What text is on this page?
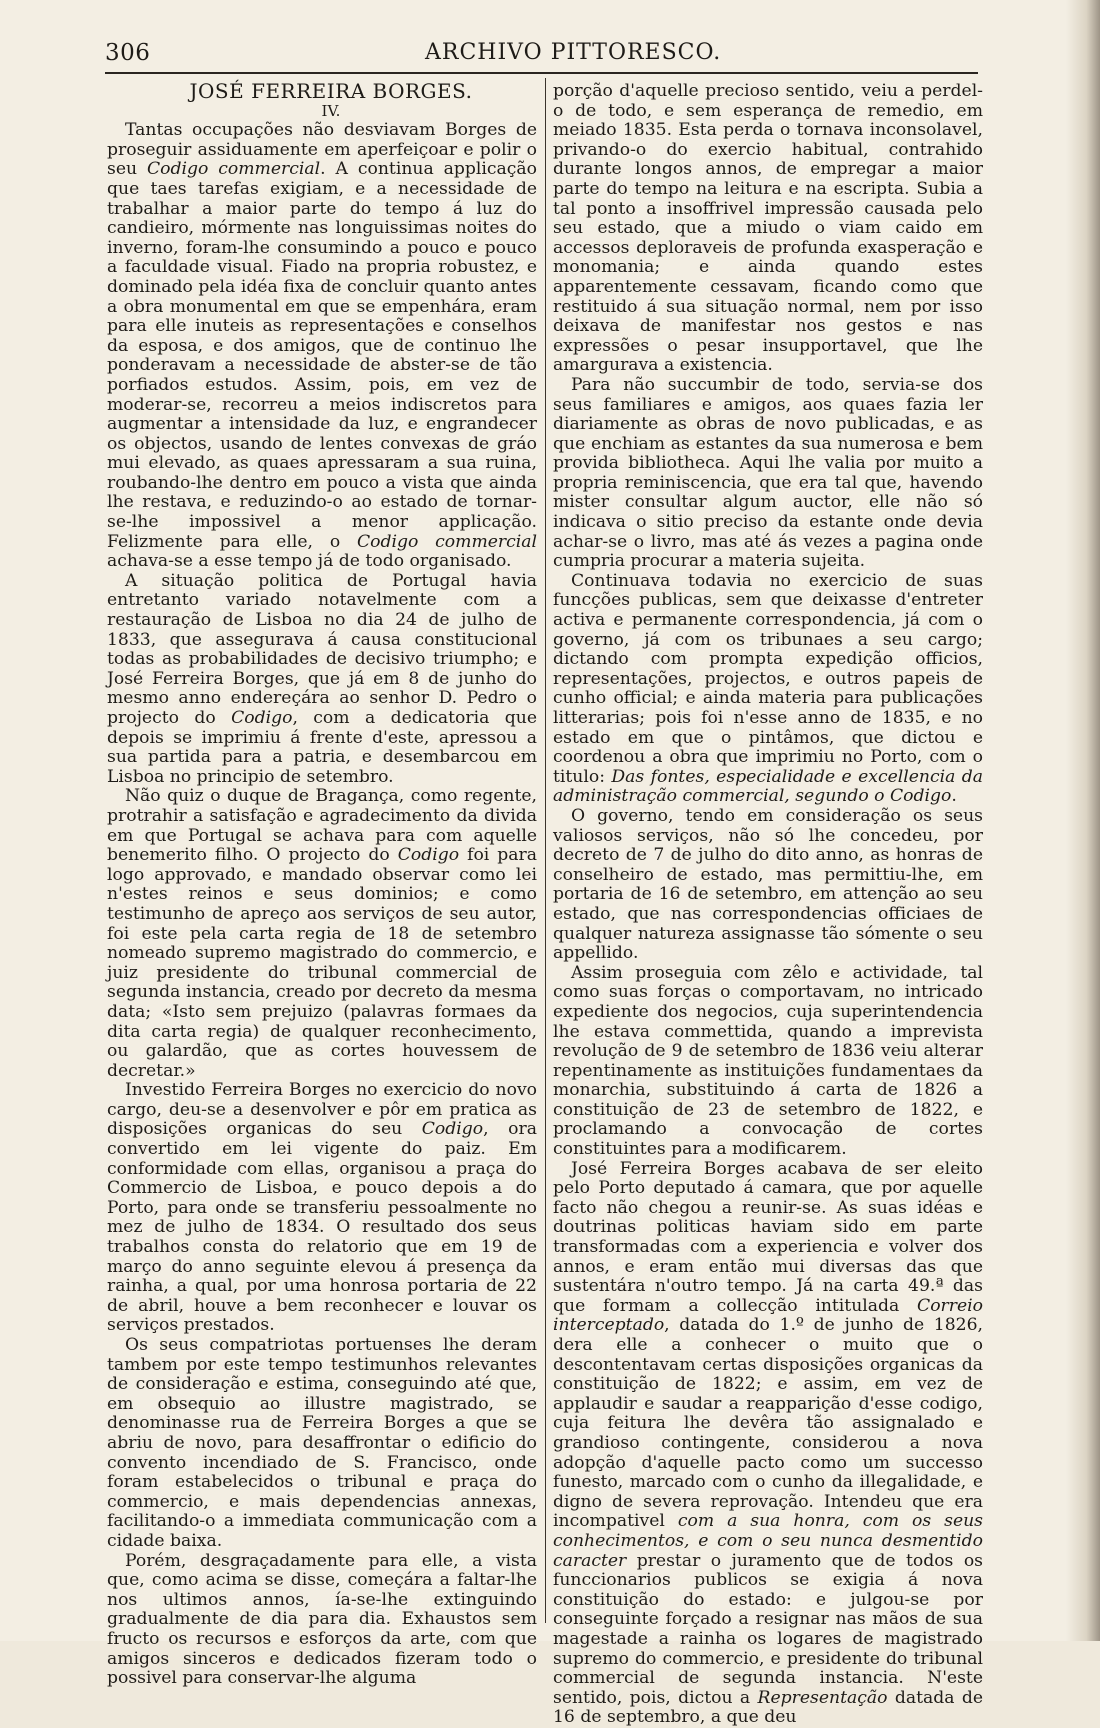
306	ARCHIVO PITTORESCO.

JOSÉ FERREIRA BORGES.

IV.

Tantas occupações não desviavam Borges de proseguir assiduamente em aperfeiçoar e polir o seu Codigo commercial. A continua applicação que taes tarefas exigiam, e a necessidade de trabalhar a maior parte do tempo á luz do candieiro, mórmente nas longuissimas noites do inverno, foram-lhe consumindo a pouco e pouco a faculdade visual. Fiado na propria robustez, e dominado pela idéa fixa de concluir quanto antes a obra monumental em que se empenhára, eram para elle inuteis as representações e conselhos da esposa, e dos amigos, que de continuo lhe ponderavam a necessidade de abster-se de tão porfiados estudos. Assim, pois, em vez de moderar-se, recorreu a meios indiscretos para augmentar a intensidade da luz, e engrandecer os objectos, usando de lentes convexas de gráo mui elevado, as quaes apressaram a sua ruina, roubando-lhe dentro em pouco a vista que ainda lhe restava, e reduzindo-o ao estado de tornar-se-lhe impossivel a menor applicação. Felizmente para elle, o Codigo commercial achava-se a esse tempo já de todo organisado.

A situação politica de Portugal havia entretanto variado notavelmente com a restauração de Lisboa no dia 24 de julho de 1833, que assegurava á causa constitucional todas as probabilidades de decisivo triumpho; e José Ferreira Borges, que já em 8 de junho do mesmo anno endereçára ao senhor D. Pedro o projecto do Codigo, com a dedicatoria que depois se imprimiu á frente d'este, apressou a sua partida para a patria, e desembarcou em Lisboa no principio de setembro.

Não quiz o duque de Bragança, como regente, protrahir a satisfação e agradecimento da divida em que Portugal se achava para com aquelle benemerito filho. O projecto do Codigo foi para logo approvado, e mandado observar como lei n'estes reinos e seus dominios; e como testimunho de apreço aos serviços de seu autor, foi este pela carta regia de 18 de setembro nomeado supremo magistrado do commercio, e juiz presidente do tribunal commercial de segunda instancia, creado por decreto da mesma data; «Isto sem prejuizo (palavras formaes da dita carta regia) de qualquer reconhecimento, ou galardão, que as cortes houvessem de decretar.»

Investido Ferreira Borges no exercicio do novo cargo, deu-se a desenvolver e pôr em pratica as disposições organicas do seu Codigo, ora convertido em lei vigente do paiz. Em conformidade com ellas, organisou a praça do Commercio de Lisboa, e pouco depois a do Porto, para onde se transferiu pessoalmente no mez de julho de 1834. O resultado dos seus trabalhos consta do relatorio que em 19 de março do anno seguinte elevou á presença da rainha, a qual, por uma honrosa portaria de 22 de abril, houve a bem reconhecer e louvar os serviços prestados.

Os seus compatriotas portuenses lhe deram tambem por este tempo testimunhos relevantes de consideração e estima, conseguindo até que, em obsequio ao illustre magistrado, se denominasse rua de Ferreira Borges a que se abriu de novo, para desaffrontar o edificio do convento incendiado de S. Francisco, onde foram estabelecidos o tribunal e praça do commercio, e mais dependencias annexas, facilitando-o a immediata communicação com a cidade baixa.

Porém, desgraçadamente para elle, a vista que, como acima se disse, começára a faltar-lhe nos ultimos annos, ía-se-lhe extinguindo gradualmente de dia para dia. Exhaustos sem fructo os recursos e esforços da arte, com que amigos sinceros e dedicados fizeram todo o possivel para conservar-lhe alguma

porção d'aquelle precioso sentido, veiu a perdel-o de todo, e sem esperança de remedio, em meiado 1835. Esta perda o tornava inconsolavel, privando-o do exercio habitual, contrahido durante longos annos, de empregar a maior parte do tempo na leitura e na escripta. Subia a tal ponto a insoffrivel impressão causada pelo seu estado, que a miudo o viam caido em accessos deploraveis de profunda exasperação e monomania; e ainda quando estes apparentemente cessavam, ficando como que restituido á sua situação normal, nem por isso deixava de manifestar nos gestos e nas expressões o pesar insupportavel, que lhe amargurava a existencia.

Para não succumbir de todo, servia-se dos seus familiares e amigos, aos quaes fazia ler diariamente as obras de novo publicadas, e as que enchiam as estantes da sua numerosa e bem provida bibliotheca. Aqui lhe valia por muito a propria reminiscencia, que era tal que, havendo mister consultar algum auctor, elle não só indicava o sitio preciso da estante onde devia achar-se o livro, mas até ás vezes a pagina onde cumpria procurar a materia sujeita.

Continuava todavia no exercicio de suas funcções publicas, sem que deixasse d'entreter activa e permanente correspondencia, já com o governo, já com os tribunaes a seu cargo; dictando com prompta expedição officios, representações, projectos, e outros papeis de cunho official; e ainda materia para publicações litterarias; pois foi n'esse anno de 1835, e no estado em que o pintâmos, que dictou e coordenou a obra que imprimiu no Porto, com o titulo: Das fontes, especialidade e excellencia da administração commercial, segundo o Codigo.

O governo, tendo em consideração os seus valiosos serviços, não só lhe concedeu, por decreto de 7 de julho do dito anno, as honras de conselheiro de estado, mas permittiu-lhe, em portaria de 16 de setembro, em attenção ao seu estado, que nas correspondencias officiaes de qualquer natureza assignasse tão sómente o seu appellido.

Assim proseguia com zêlo e actividade, tal como suas forças o comportavam, no intricado expediente dos negocios, cuja superintendencia lhe estava commettida, quando a imprevista revolução de 9 de setembro de 1836 veiu alterar repentinamente as instituições fundamentaes da monarchia, substituindo á carta de 1826 a constituição de 23 de setembro de 1822, e proclamando a convocação de cortes constituintes para a modificarem.

José Ferreira Borges acabava de ser eleito pelo Porto deputado á camara, que por aquelle facto não chegou a reunir-se. As suas idéas e doutrinas politicas haviam sido em parte transformadas com a experiencia e volver dos annos, e eram então mui diversas das que sustentára n'outro tempo. Já na carta 49.ª das que formam a collecção intitulada Correio interceptado, datada do 1.º de junho de 1826, dera elle a conhecer o muito que o descontentavam certas disposições organicas da constituição de 1822; e assim, em vez de applaudir e saudar a reapparição d'esse codigo, cuja feitura lhe devêra tão assignalado e grandioso contingente, considerou a nova adopção d'aquelle pacto como um successo funesto, marcado com o cunho da illegalidade, e digno de severa reprovação. Intendeu que era incompativel com a sua honra, com os seus conhecimentos, e com o seu nunca desmentido caracter prestar o juramento que de todos os funccionarios publicos se exigia á nova constituição do estado: e julgou-se por conseguinte forçado a resignar nas mãos de sua magestade a rainha os logares de magistrado supremo do commercio, e presidente do tribunal commercial de segunda instancia. N'este sentido, pois, dictou a Representação datada de 16 de septembro, a que deu
